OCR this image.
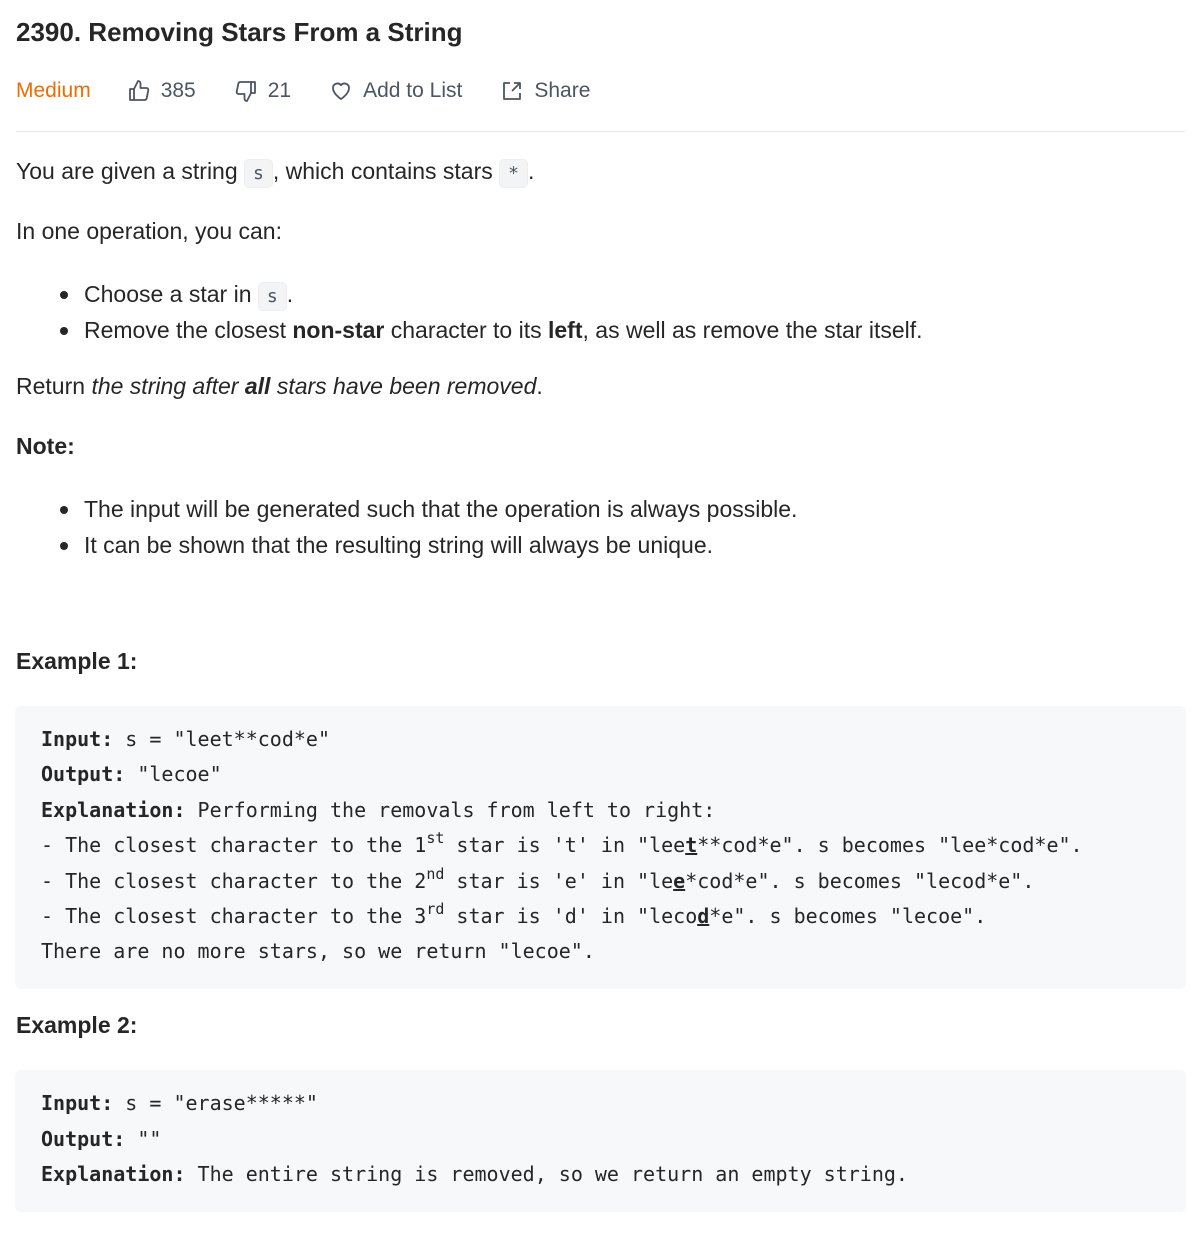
2390. Removing Stars From a String
Medium	385	21	Add to List	Share

You are given a string s , which contains stars * .

In one operation, you can:

Choose a star in s .
Remove the closest non-star character to its left, as well as remove the star itself.

Return the string after all stars have been removed.

Note:

The input will be generated such that the operation is always possible.
It can be shown that the resulting string will always be unique.
Example 1:
Input: s = "leet**cod*e"
Output: "lecoe"
Explanation: Performing the removals from left to right:
- The closest character to the 1st star is 't' in "leet**cod*e". s becomes "lee*cod*e".
- The closest character to the 2nd star is 'e' in "lee*cod*e". s becomes "lecod*e".
- The closest character to the 3rd star is 'd' in "lecod*e". s becomes "lecoe".
There are no more stars, so we return "lecoe".
Example 2:
Input: s = "erase*****"
Output: ""
Explanation: The entire string is removed, so we return an empty string.
